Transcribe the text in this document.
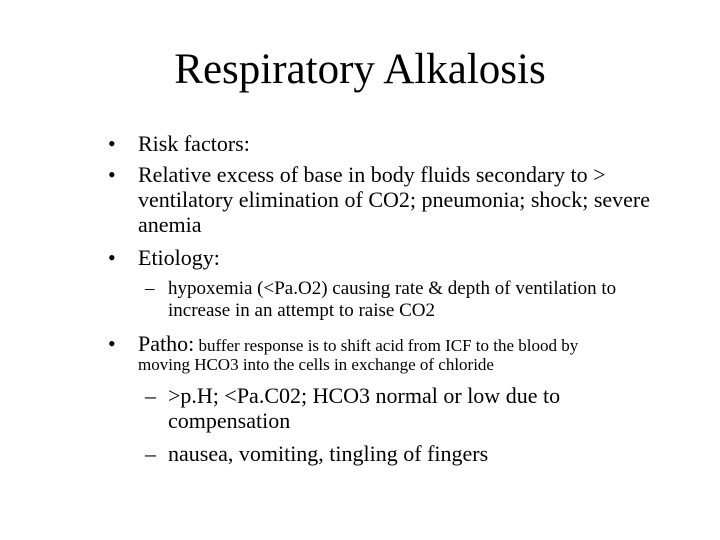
Respiratory Alkalosis
• Risk factors:
• Relative excess of base in body fluids secondary to > ventilatory elimination of CO2; pneumonia; shock; severe anemia
• Etiology:
– hypoxemia (<Pa.O2) causing rate & depth of ventilation to increase in an attempt to raise CO2
• Patho: buffer response is to shift acid from ICF to the blood by
moving HCO3 into the cells in exchange of chloride
– >p.H; <Pa.C02; HCO3 normal or low due to compensation
– nausea, vomiting, tingling of fingers
